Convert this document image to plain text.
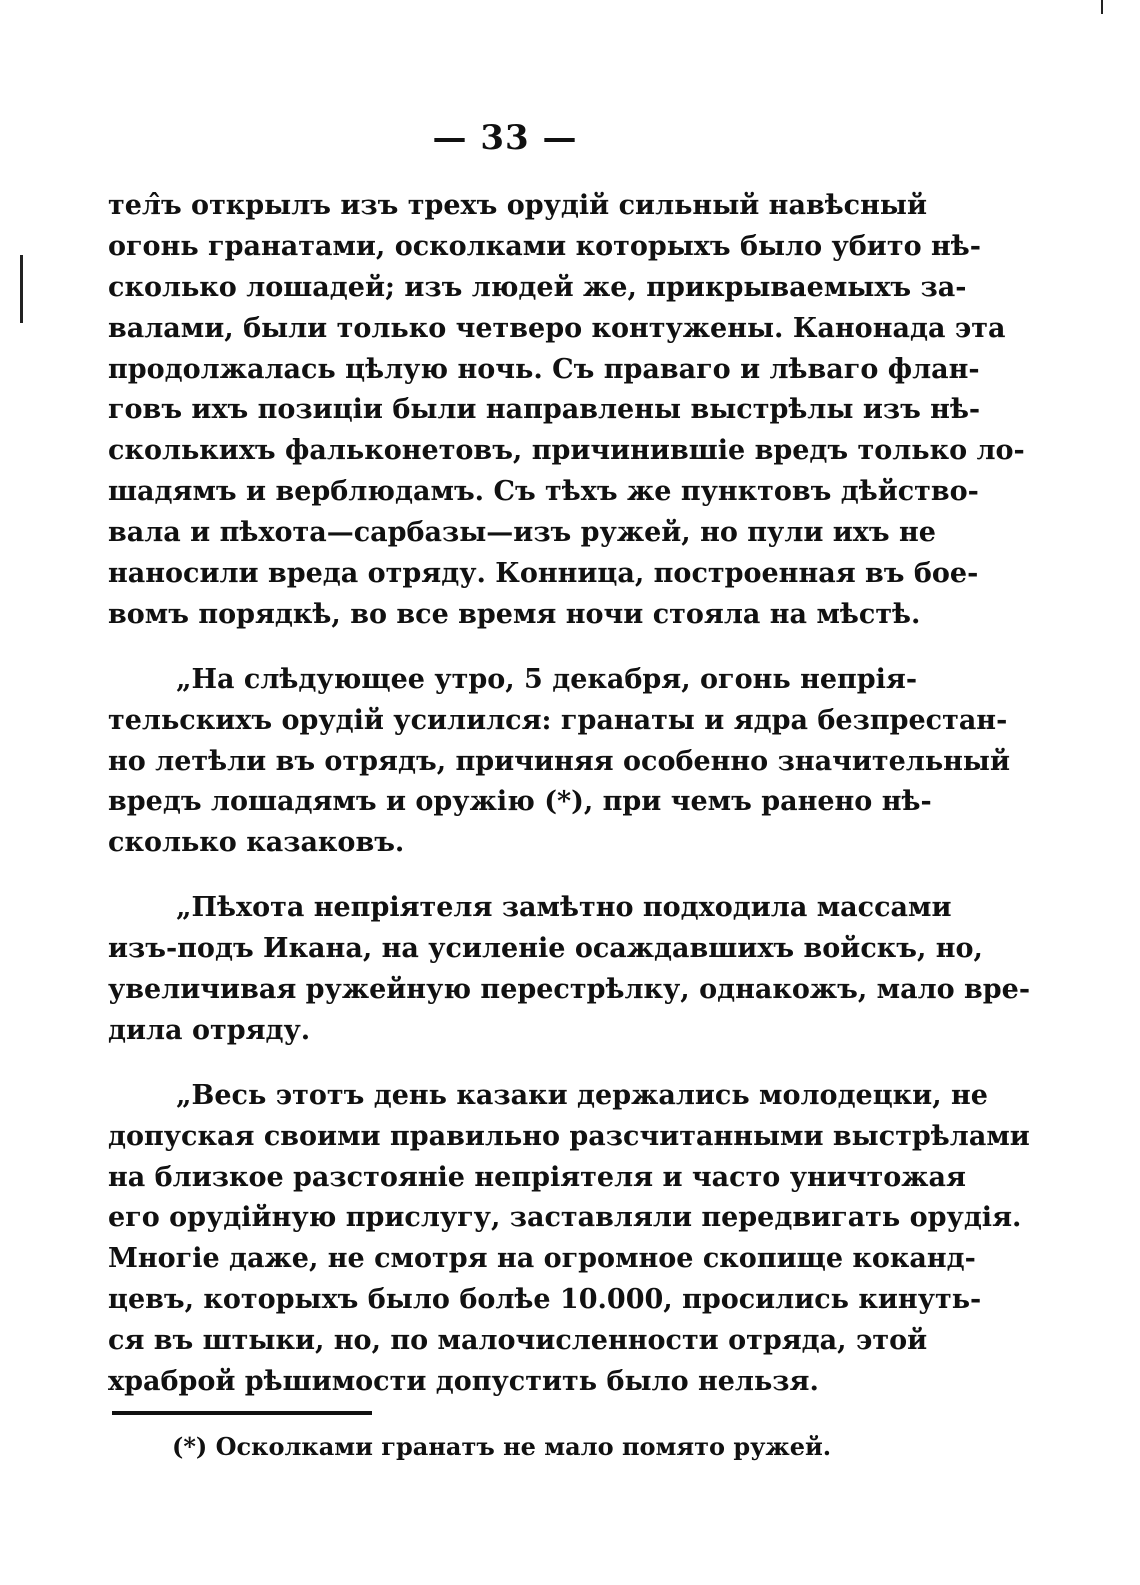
— 33 —
тел̂ъ открылъ изъ трехъ орудій сильный навѣсный
огонь гранатами, осколками которыхъ было убито нѣ-
сколько лошадей; изъ людей же, прикрываемыхъ за-
валами, были только четверо контужены. Канонада эта
продолжалась цѣлую ночь. Съ праваго и лѣваго флан-
говъ ихъ позиціи были направлены выстрѣлы изъ нѣ-
сколькихъ фальконетовъ, причинившіе вредъ только ло-
шадямъ и верблюдамъ. Съ тѣхъ же пунктовъ дѣйство-
вала и пѣхота—сарбазы—изъ ружей, но пули ихъ не
наносили вреда отряду. Конница, построенная въ бое-
вомъ порядкѣ, во все время ночи стояла на мѣстѣ.
„На слѣдующее утро, 5 декабря, огонь непрія-
тельскихъ орудій усилился: гранаты и ядра безпрестан-
но летѣли въ отрядъ, причиняя особенно значительный
вредъ лошадямъ и оружію (*), при чемъ ранено нѣ-
сколько казаковъ.
„Пѣхота непріятеля замѣтно подходила массами
изъ-подъ Икана, на усиленіе осаждавшихъ войскъ, но,
увеличивая ружейную перестрѣлку, однакожъ, мало вре-
дила отряду.
„Весь этотъ день казаки держались молодецки, не
допуская своими правильно разсчитанными выстрѣлами
на близкое разстояніе непріятеля и часто уничтожая
его орудійную прислугу, заставляли передвигать орудія.
Многіе даже, не смотря на огромное скопище коканд-
цевъ, которыхъ было болѣе 10.000, просились кинуть-
ся въ штыки, но, по малочисленности отряда, этой
храброй рѣшимости допустить было нельзя.
(*) Осколками гранатъ не мало помято ружей.
